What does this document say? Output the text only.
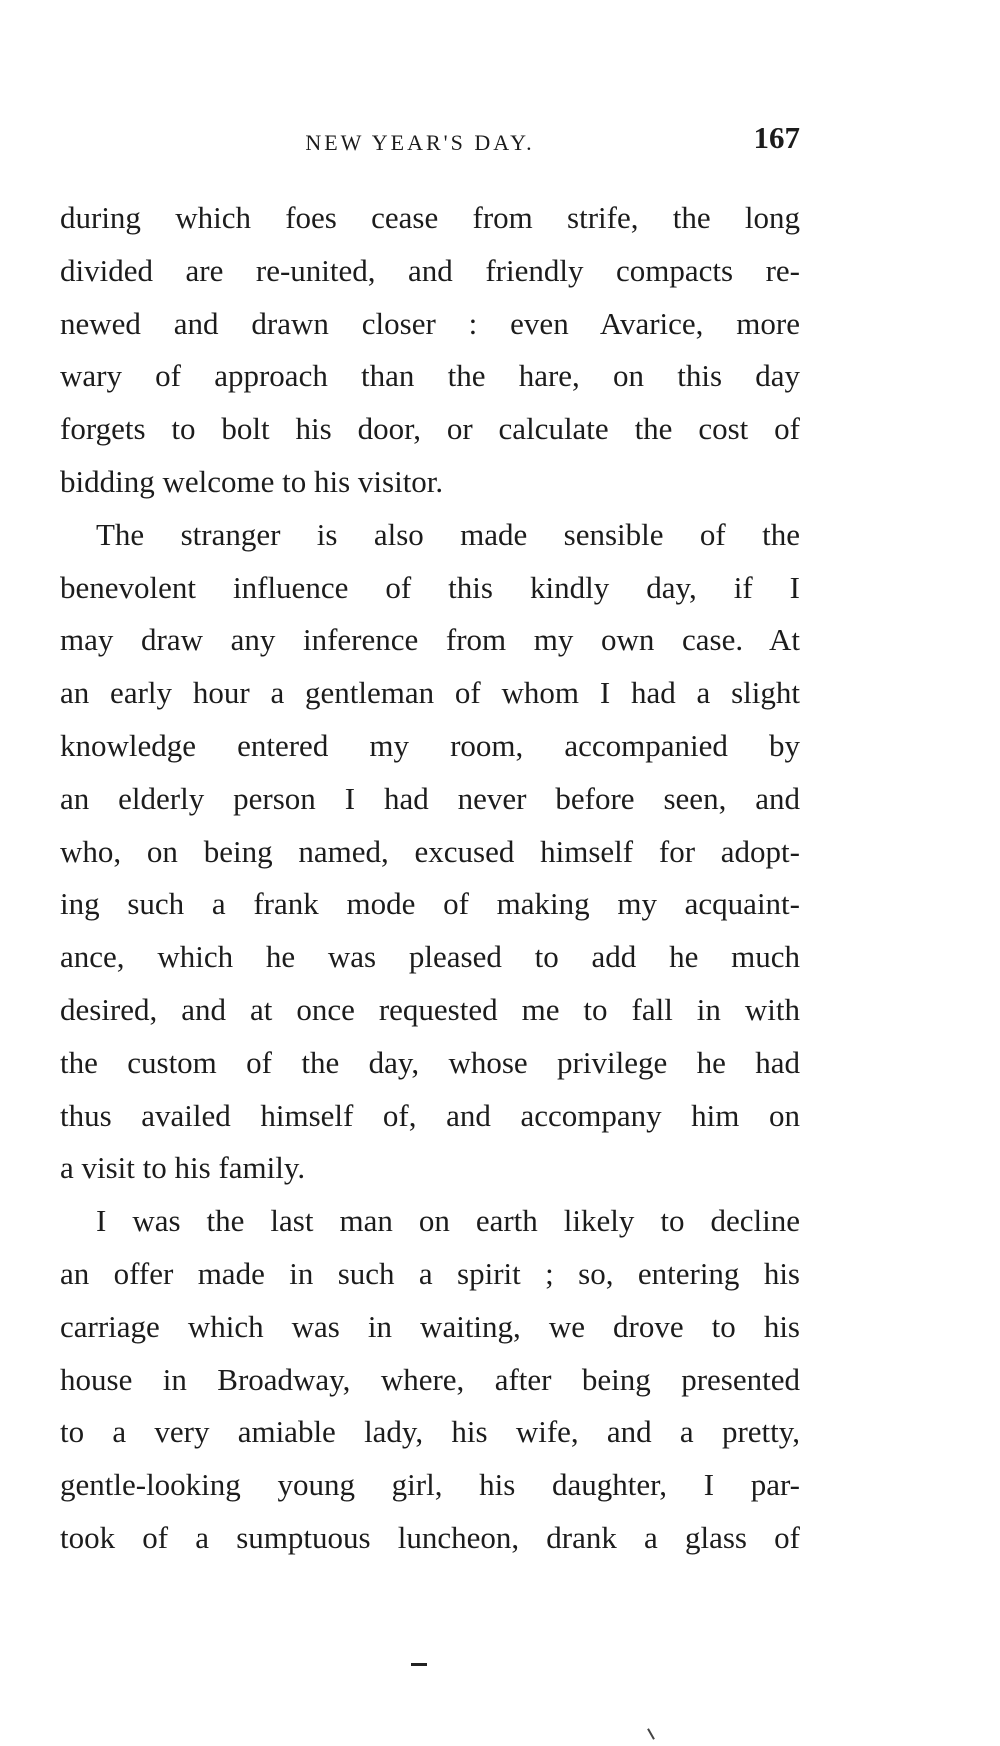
NEW YEAR'S DAY.	167
during which foes cease from strife, the long
divided are re-united, and friendly compacts re-
newed and drawn closer : even Avarice, more
wary of approach than the hare, on this day
forgets to bolt his door, or calculate the cost of
bidding welcome to his visitor.
The stranger is also made sensible of the
benevolent influence of this kindly day, if I
may draw any inference from my own case. At
an early hour a gentleman of whom I had a slight
knowledge entered my room, accompanied by
an elderly person I had never before seen, and
who, on being named, excused himself for adopt-
ing such a frank mode of making my acquaint-
ance, which he was pleased to add he much
desired, and at once requested me to fall in with
the custom of the day, whose privilege he had
thus availed himself of, and accompany him on
a visit to his family.
I was the last man on earth likely to decline
an offer made in such a spirit ; so, entering his
carriage which was in waiting, we drove to his
house in Broadway, where, after being presented
to a very amiable lady, his wife, and a pretty,
gentle-looking young girl, his daughter, I par-
took of a sumptuous luncheon, drank a glass of
